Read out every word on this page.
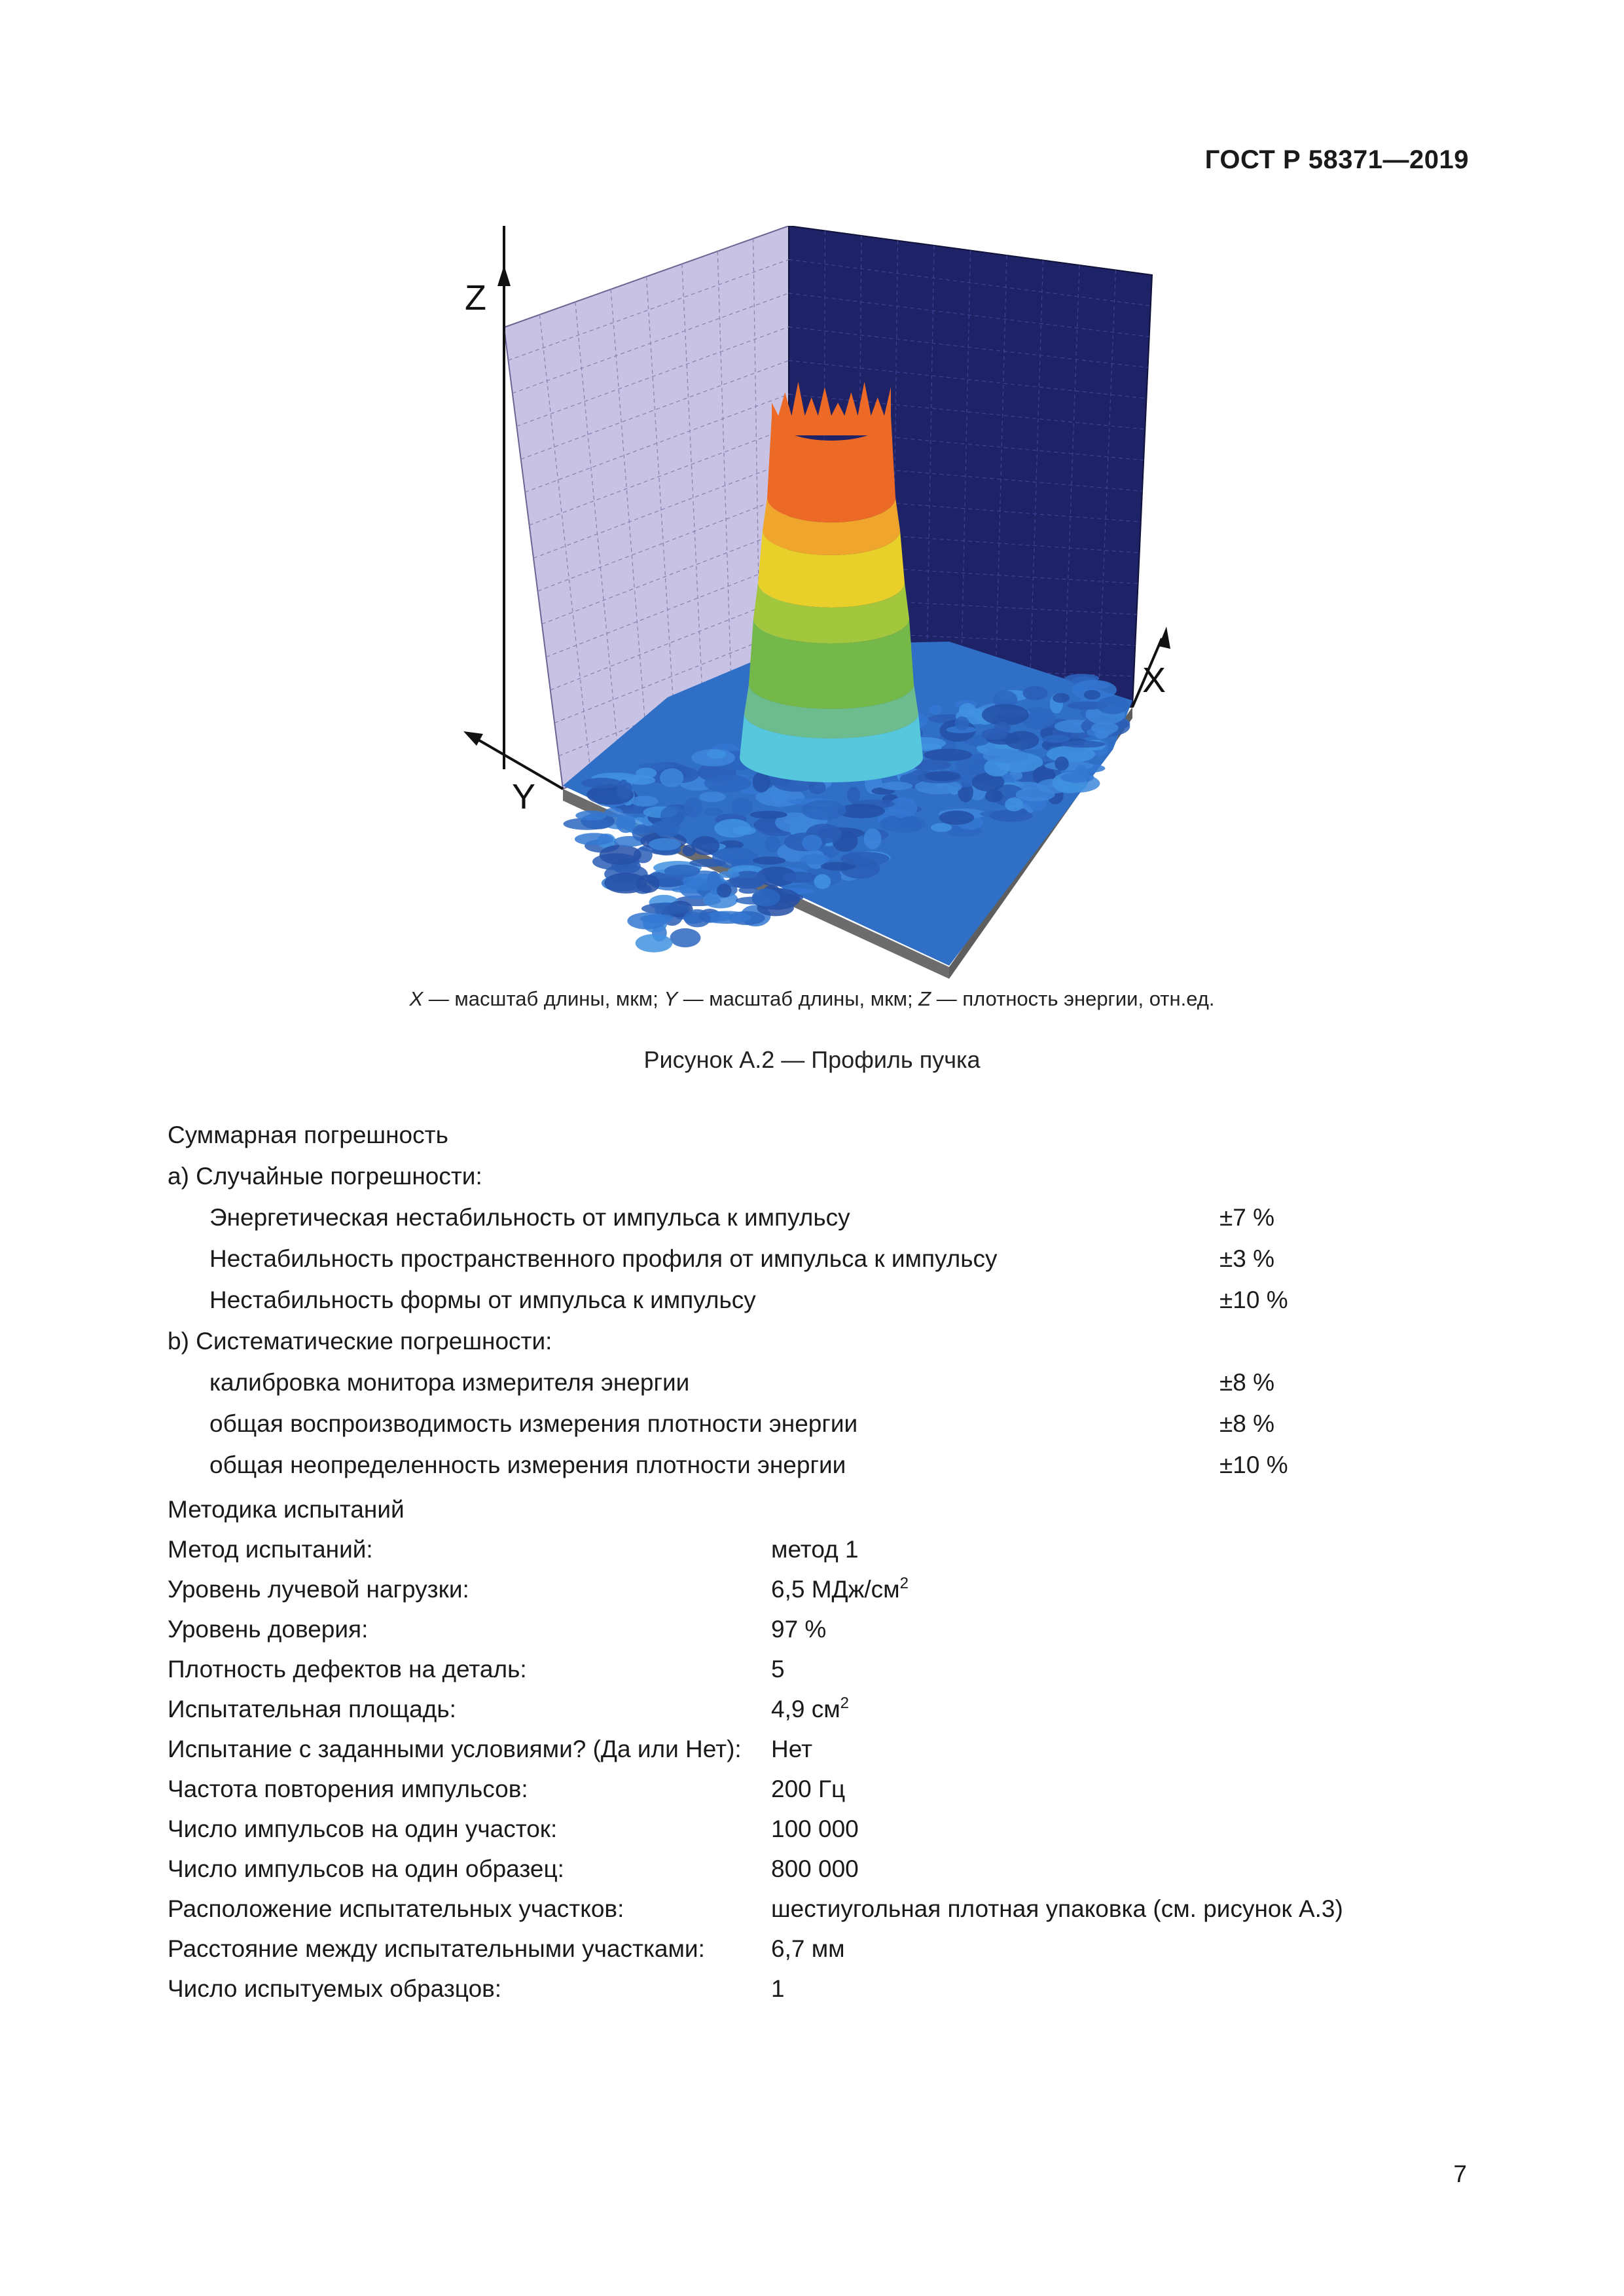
ГОСТ Р 58371—2019
Z
Y
X
X — масштаб длины, мкм; Y — масштаб длины, мкм; Z — плотность энергии, отн.ед.
Рисунок А.2 — Профиль пучка
Суммарная погрешность
a) Случайные погрешности:
Энергетическая нестабильность от импульса к импульсу	±7 %
Нестабильность пространственного профиля от импульса к импульсу	±3 %
Нестабильность формы от импульса к импульсу	±10 %
b) Систематические погрешности:
калибровка монитора измерителя энергии	±8 %
общая воспроизводимость измерения плотности энергии	±8 %
общая неопределенность измерения плотности энергии	±10 %
Методика испытаний
Метод испытаний:	метод 1
Уровень лучевой нагрузки:	6,5 МДж/$см^2$
Уровень доверия:	97 %
Плотность дефектов на деталь:	5
Испытательная площадь:	4,9 $см^2$
Испытание с заданными условиями? (Да или Нет): Нет
Частота повторения импульсов:	200 Гц
Число импульсов на один участок:	100 000
Число импульсов на один образец:	800 000
Расположение испытательных участков:	шестиугольная плотная упаковка (см. рисунок А.3)
Расстояние между испытательными участками:	6,7 мм
Число испытуемых образцов:	1
7
